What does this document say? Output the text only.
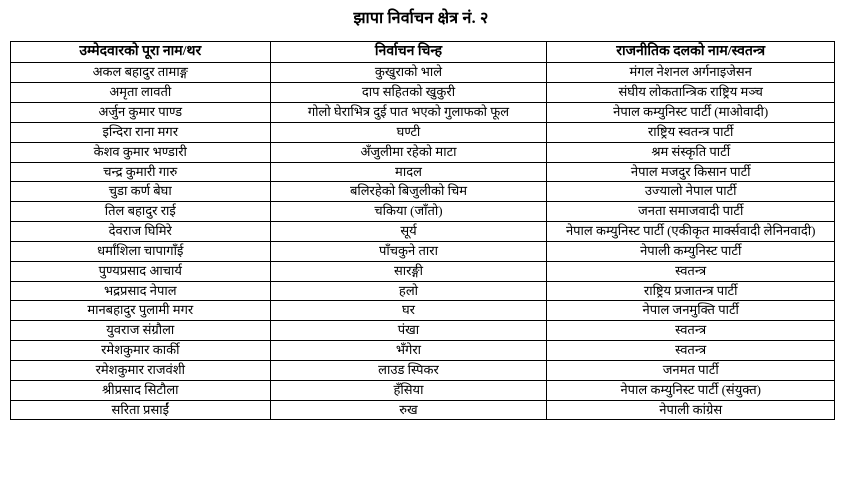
झापा निर्वाचन क्षेत्र नं. २
उम्मेदवारको पूरा नाम/थर	निर्वाचन चिन्ह	राजनीतिक दलको नाम/स्वतन्त्र
अकल बहादुर तामाङ्ग	कुखुराको भाले	मंगल नेशनल अर्गनाइजेसन
अमृता लावती	दाप सहितको खुकुरी	संघीय लोकतान्त्रिक राष्ट्रिय मञ्च
अर्जुन कुमार पाण्ड	गोलो घेराभित्र दुई पात भएको गुलाफको फूल	नेपाल कम्युनिस्ट पार्टी (माओवादी)
इन्दिरा राना मगर	घण्टी	राष्ट्रिय स्वतन्त्र पार्टी
केशव कुमार भण्डारी	अँजुलीमा रहेको माटा	श्रम संस्कृति पार्टी
चन्द्र कुमारी गारु	मादल	नेपाल मजदुर किसान पार्टी
चुडा कर्ण बेघा	बलिरहेको बिजुलीको चिम	उज्यालो नेपाल पार्टी
तिल बहादुर राई	चकिया (जाँतो)	जनता समाजवादी पार्टी
देवराज घिमिरे	सूर्य	नेपाल कम्युनिस्ट पार्टी (एकीकृत मार्क्सवादी लेनिनवादी)
धर्मांशिला चापागाँई	पाँचकुने तारा	नेपाली कम्युनिस्ट पार्टी
पुण्यप्रसाद आचार्य	सारङ्गी	स्वतन्त्र
भद्रप्रसाद नेपाल	हलो	राष्ट्रिय प्रजातन्त्र पार्टी
मानबहादुर पुलामी मगर	घर	नेपाल जनमुक्ति पार्टी
युवराज संग्रौला	पंखा	स्वतन्त्र
रमेशकुमार कार्की	भँगेरा	स्वतन्त्र
रमेशकुमार राजवंशी	लाउड स्पिकर	जनमत पार्टी
श्रीप्रसाद सिटौला	हँसिया	नेपाल कम्युनिस्ट पार्टी (संयुक्त)
सरिता प्रसाईं	रुख	नेपाली कांग्रेस
